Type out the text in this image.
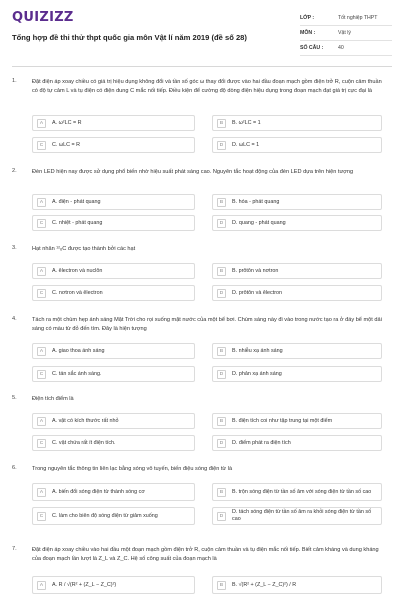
QUIZIZZ
Tổng hợp đề thi thử thpt quốc gia môn Vật lí năm 2019 (đề số 28)
LỚP :	Tốt nghiệp THPT
MÔN :	Vật lý
SỐ CÂU :	40
1.	Đặt điện áp xoay chiều có giá trị hiệu dụng không đổi và tần số góc ω thay đổi được vào hai đầu đoạn mạch gồm điện trở R, cuộn cảm thuần có độ tự cảm L và tụ điện có điện dung C mắc nối tiếp. Điều kiện để cường độ dòng điện hiệu dụng trong đoạn mạch đạt giá trị cực đại là
A	A. ω²LC = R	B	B. ω²LC = 1
C	C. ωLC = R	D	D. ωLC = 1
2.	Đèn LED hiện nay được sử dụng phổ biến nhờ hiệu suất phát sáng cao. Nguyên tắc hoạt động của đèn LED dựa trên hiện tượng
A	A. điện - phát quang	B	B. hóa - phát quang
C	C. nhiệt - phát quang	D	D. quang - phát quang
3.	Hạt nhân ¹²₆C được tạo thành bởi các hạt
A	A. êlectron và nuclôn	B	B. prôtôn và nơtron
C	C. nơtron và êlectron	D	D. prôtôn và êlectron
4.	Tách ra một chùm hẹp ánh sáng Mặt Trời cho rọi xuống mặt nước của một bể bơi. Chùm sáng này đi vào trong nước tạo ra ở đáy bể một dải sáng có màu từ đỏ đến tím. Đây là hiện tượng
A	A. giao thoa ánh sáng	B	B. nhiễu xạ ánh sáng
C	C. tán sắc ánh sáng.	D	D. phản xạ ánh sáng
5.	Điện tích điểm là
A	A. vật có kích thước rất nhỏ	B	B. điện tích coi như tập trung tại một điểm
C	C. vật chứa rất ít điện tích.	D	D. điểm phát ra điện tích
6.	Trong nguyên tắc thông tin liên lạc bằng sóng vô tuyến, biến điệu sóng điện từ là
A	A. biến đổi sóng điện từ thành sóng cơ	B	B. trộn sóng điện từ tần số âm với sóng điện từ tần số cao
C	C. làm cho biên độ sóng điện từ giảm xuống	D
D. tách sóng điện từ tần số âm ra khỏi sóng điện từ tần số cao
7.	Đặt điện áp xoay chiều vào hai đầu một đoạn mạch gồm điện trở R, cuộn cảm thuần và tụ điện mắc nối tiếp. Biết cảm kháng và dung kháng của đoạn mạch lần lượt là Z_L và Z_C. Hệ số công suất của đoạn mạch là
A	A. R / √(R² + (Z_L − Z_C)²)	B	B. √(R² + (Z_L − Z_C)²) / R
